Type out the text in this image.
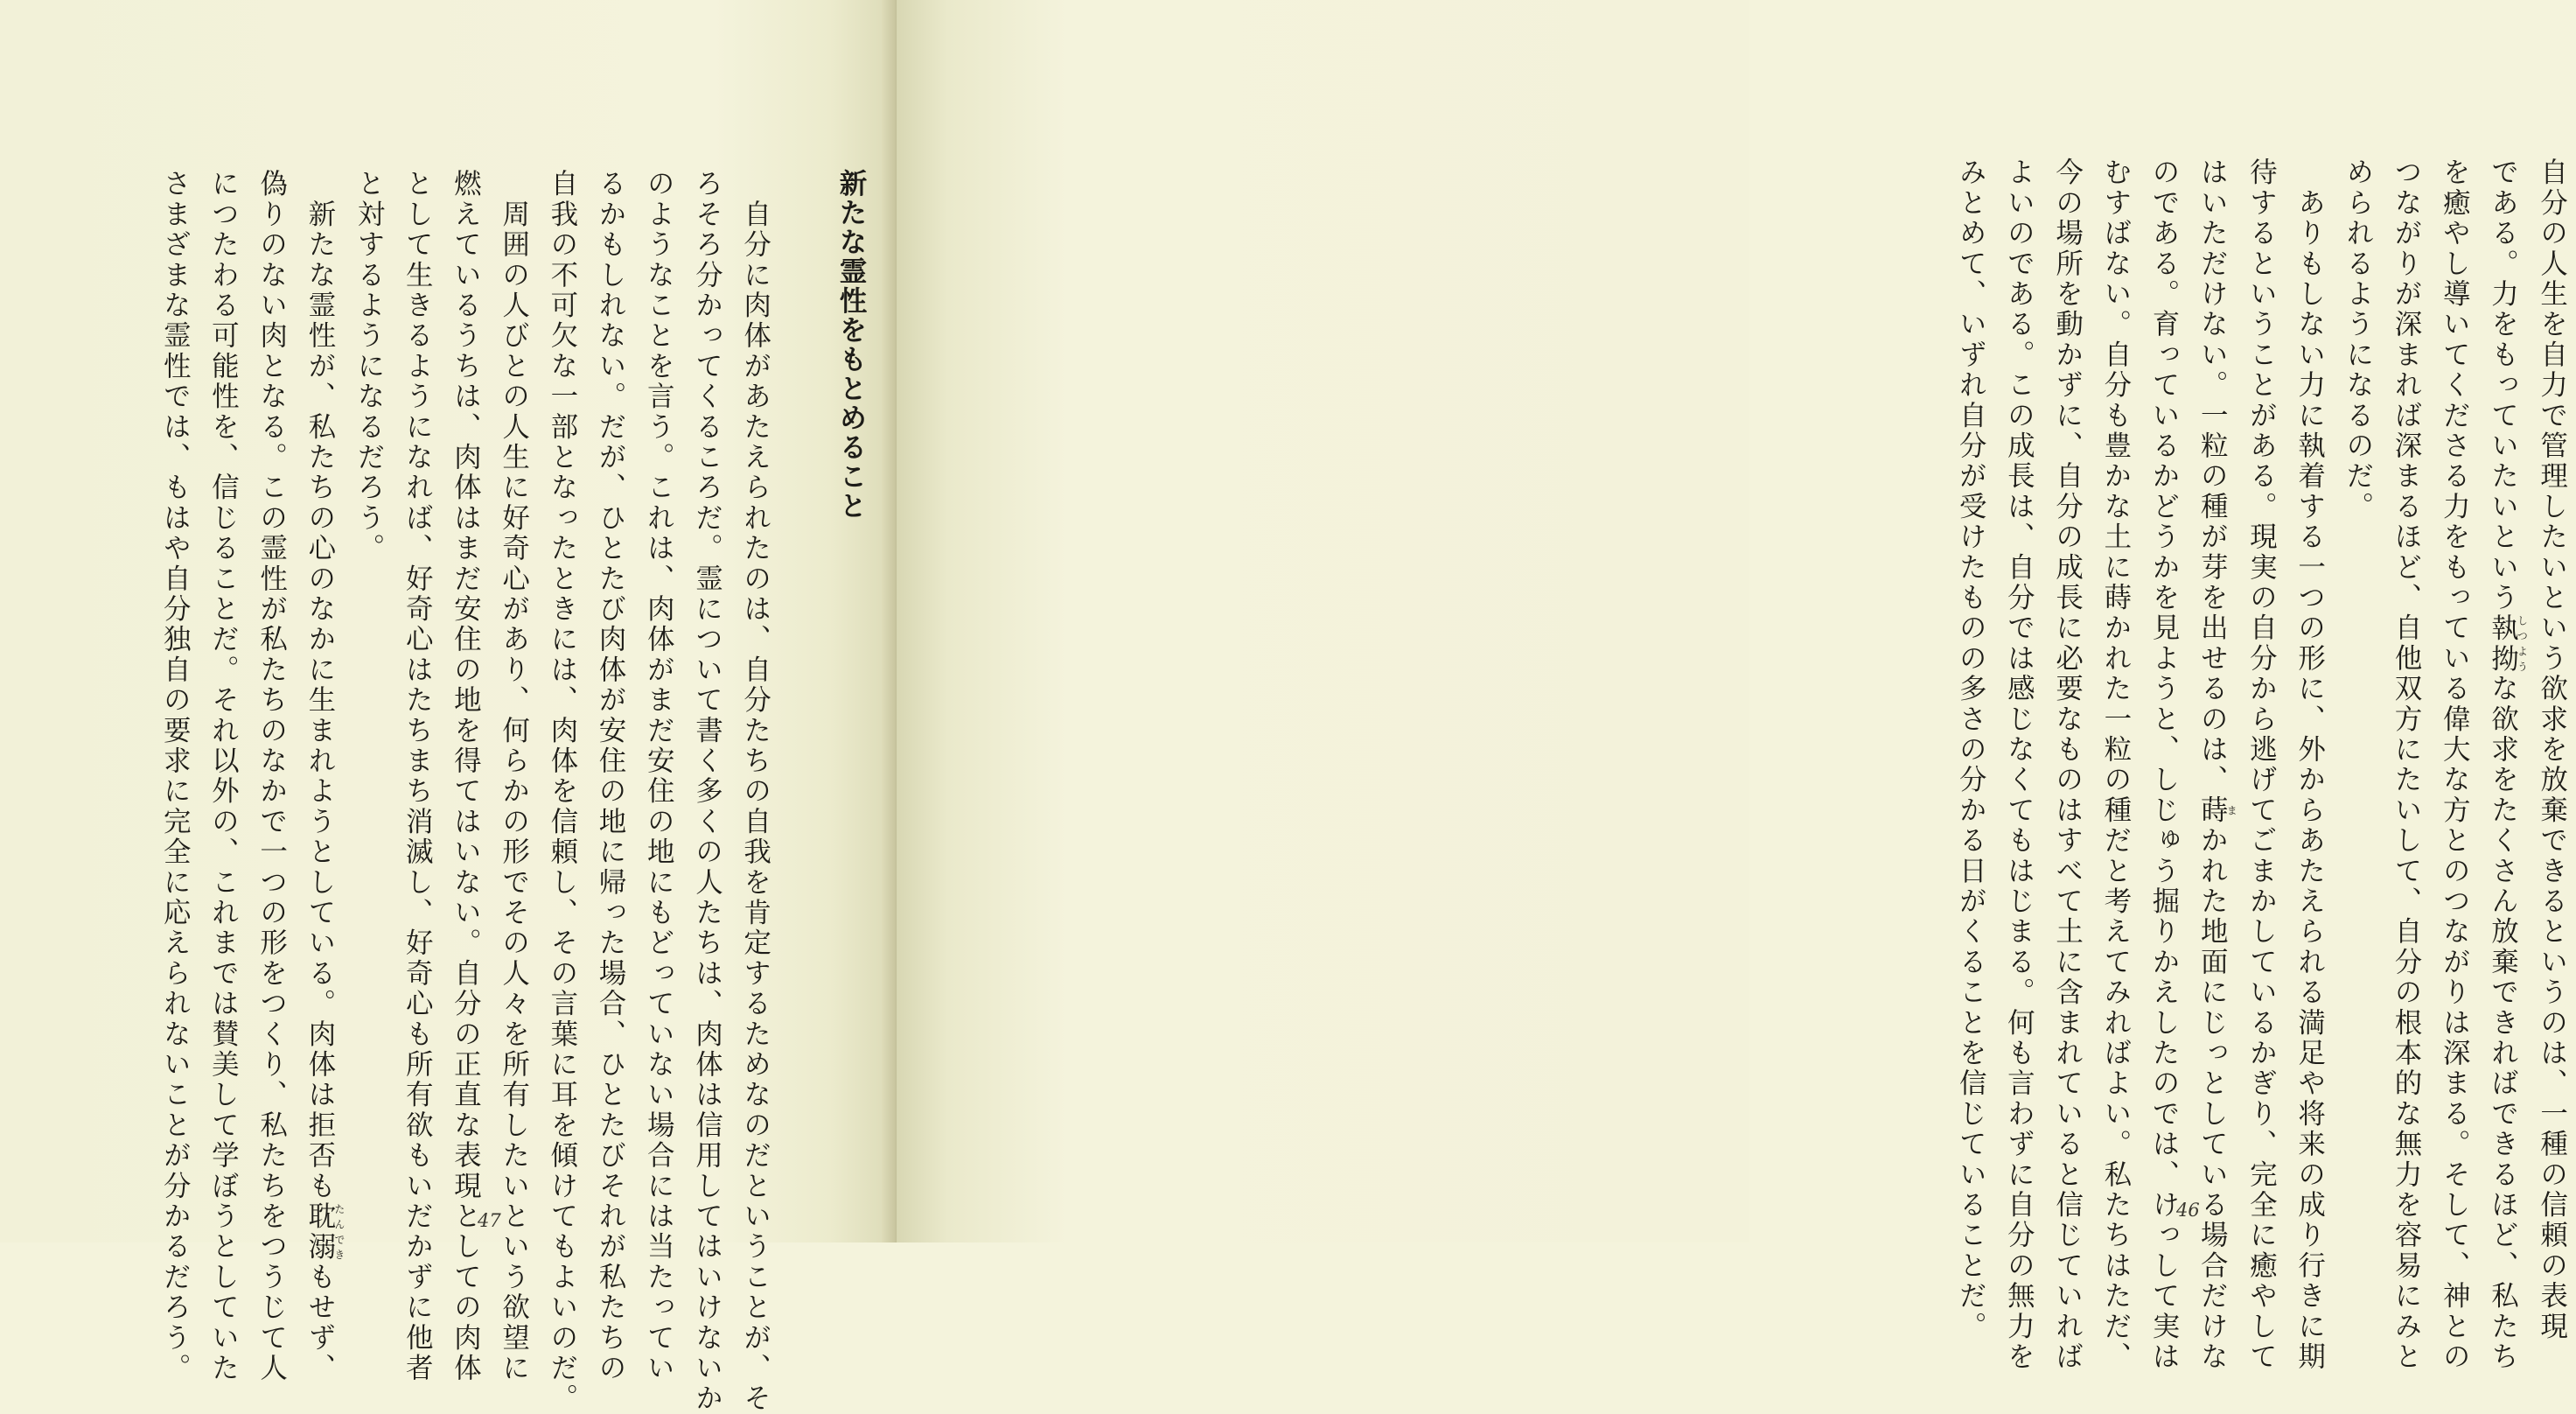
新たな霊性をもとめること

　自分に肉体があたえられたのは、自分たちの自我を肯定するためなのだということが、そ
ろそろ分かってくるころだ。霊について書く多くの人たちは、肉体は信用してはいけないか
のようなことを言う。これは、肉体がまだ安住の地にもどっていない場合には当たってい
るかもしれない。だが、ひとたび肉体が安住の地に帰った場合、ひとたびそれが私たちの
自我の不可欠な一部となったときには、肉体を信頼し、その言葉に耳を傾けてもよいのだ。
　周囲の人びとの人生に好奇心があり、何らかの形でその人々を所有したいという欲望に
燃えているうちは、肉体はまだ安住の地を得てはいない。自分の正直な表現としての肉体
として生きるようになれば、好奇心はたちまち消滅し、好奇心も所有欲もいだかずに他者
と対するようになるだろう。
　新たな霊性が、私たちの心のなかに生まれようとしている。肉体は拒否も耽溺たんできもせず、
偽りのない肉となる。この霊性が私たちのなかで一つの形をつくり、私たちをつうじて人
につたわる可能性を、信じることだ。それ以外の、これまでは賛美して学ぼうとしていた
さまざまな霊性では、もはや自分独自の要求に完全に応えられないことが分かるだろう。	47	自分の人生を自力で管理したいという欲求を放棄できるというのは、一種の信頼の表現
である。力をもっていたいという執拗しつような欲求をたくさん放棄できればできるほど、私たち
を癒やし導いてくださる力をもっている偉大な方とのつながりは深まる。そして、神との
つながりが深まれば深まるほど、自他双方にたいして、自分の根本的な無力を容易にみと
められるようになるのだ。
　ありもしない力に執着する一つの形に、外からあたえられる満足や将来の成り行きに期
待するということがある。現実の自分から逃げてごまかしているかぎり、完全に癒やして
はいただけない。一粒の種が芽を出せるのは、蒔まかれた地面にじっとしている場合だけな
のである。育っているかどうかを見ようと、しじゅう掘りかえしたのでは、けっして実は
むすばない。自分も豊かな土に蒔かれた一粒の種だと考えてみればよい。私たちはただ、
今の場所を動かずに、自分の成長に必要なものはすべて土に含まれていると信じていれば
よいのである。この成長は、自分では感じなくてもはじまる。何も言わずに自分の無力を
みとめて、いずれ自分が受けたものの多さの分かる日がくることを信じていることだ。	46
